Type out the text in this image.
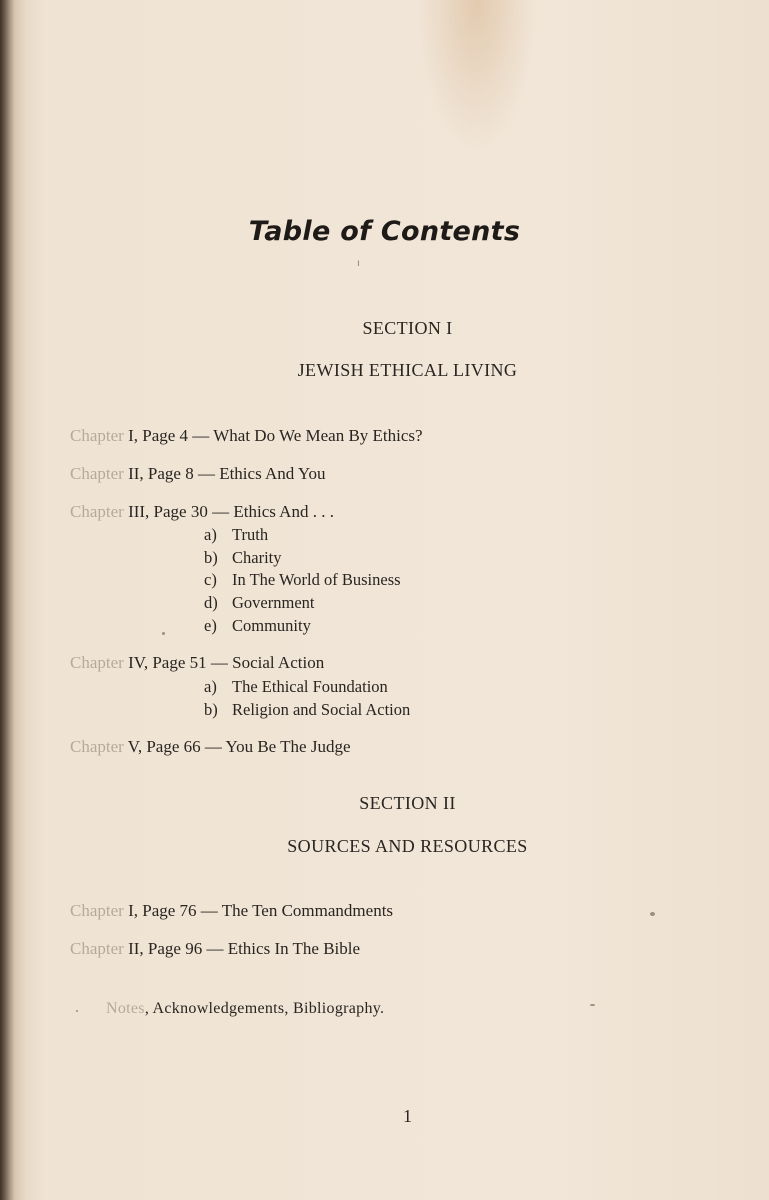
Table of Contents
ı
SECTION I
JEWISH ETHICAL LIVING
Chapter I, Page 4 — What Do We Mean By Ethics?
Chapter II, Page 8 — Ethics And You
Chapter III, Page 30 — Ethics And . . .
a) Truth
b) Charity
c) In The World of Business
d) Government
e) Community
Chapter IV, Page 51 — Social Action
a) The Ethical Foundation
b) Religion and Social Action
Chapter V, Page 66 — You Be The Judge
SECTION II
SOURCES AND RESOURCES
Chapter I, Page 76 — The Ten Commandments
Chapter II, Page 96 — Ethics In The Bible
Notes, Acknowledgements, Bibliography.
1
